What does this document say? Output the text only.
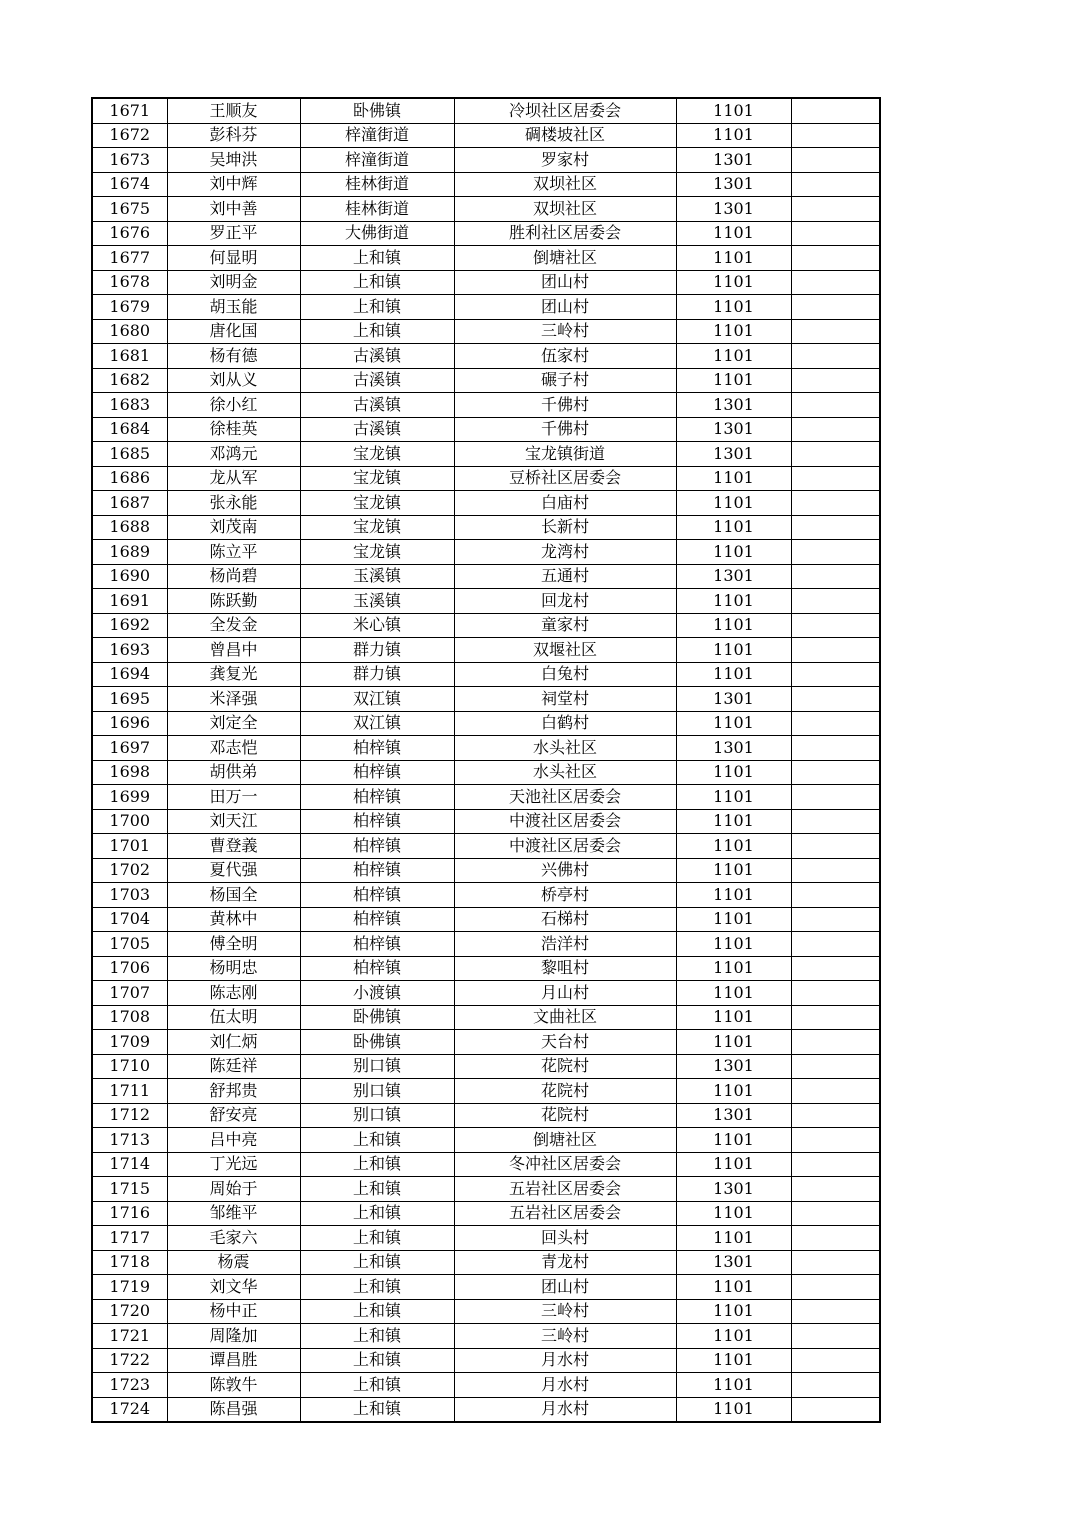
1671	王顺友	卧佛镇	冷坝社区居委会	1101	
1672	彭科芬	梓潼街道	碉楼坡社区	1101	
1673	吴坤洪	梓潼街道	罗家村	1301	
1674	刘中辉	桂林街道	双坝社区	1301	
1675	刘中善	桂林街道	双坝社区	1301	
1676	罗正平	大佛街道	胜利社区居委会	1101	
1677	何显明	上和镇	倒塘社区	1101	
1678	刘明金	上和镇	团山村	1101	
1679	胡玉能	上和镇	团山村	1101	
1680	唐化国	上和镇	三岭村	1101	
1681	杨有德	古溪镇	伍家村	1101	
1682	刘从义	古溪镇	碾子村	1101	
1683	徐小红	古溪镇	千佛村	1301	
1684	徐桂英	古溪镇	千佛村	1301	
1685	邓鸿元	宝龙镇	宝龙镇街道	1301	
1686	龙从军	宝龙镇	豆桥社区居委会	1101	
1687	张永能	宝龙镇	白庙村	1101	
1688	刘茂南	宝龙镇	长新村	1101	
1689	陈立平	宝龙镇	龙湾村	1101	
1690	杨尚碧	玉溪镇	五通村	1301	
1691	陈跃勤	玉溪镇	回龙村	1101	
1692	全发金	米心镇	童家村	1101	
1693	曾昌中	群力镇	双堰社区	1101	
1694	龚复光	群力镇	白兔村	1101	
1695	米泽强	双江镇	祠堂村	1301	
1696	刘定全	双江镇	白鹤村	1101	
1697	邓志恺	柏梓镇	水头社区	1301	
1698	胡供弟	柏梓镇	水头社区	1101	
1699	田万一	柏梓镇	天池社区居委会	1101	
1700	刘天江	柏梓镇	中渡社区居委会	1101	
1701	曹登義	柏梓镇	中渡社区居委会	1101	
1702	夏代强	柏梓镇	兴佛村	1101	
1703	杨国全	柏梓镇	桥亭村	1101	
1704	黄林中	柏梓镇	石梯村	1101	
1705	傅全明	柏梓镇	浩洋村	1101	
1706	杨明忠	柏梓镇	黎咀村	1101	
1707	陈志刚	小渡镇	月山村	1101	
1708	伍太明	卧佛镇	文曲社区	1101	
1709	刘仁炳	卧佛镇	天台村	1101	
1710	陈廷祥	别口镇	花院村	1301	
1711	舒邦贵	别口镇	花院村	1101	
1712	舒安亮	别口镇	花院村	1301	
1713	吕中亮	上和镇	倒塘社区	1101	
1714	丁光远	上和镇	冬冲社区居委会	1101	
1715	周始于	上和镇	五岩社区居委会	1301	
1716	邹维平	上和镇	五岩社区居委会	1101	
1717	毛家六	上和镇	回头村	1101	
1718	杨震	上和镇	青龙村	1301	
1719	刘文华	上和镇	团山村	1101	
1720	杨中正	上和镇	三岭村	1101	
1721	周隆加	上和镇	三岭村	1101	
1722	谭昌胜	上和镇	月水村	1101	
1723	陈敦牛	上和镇	月水村	1101	
1724	陈昌强	上和镇	月水村	1101	
